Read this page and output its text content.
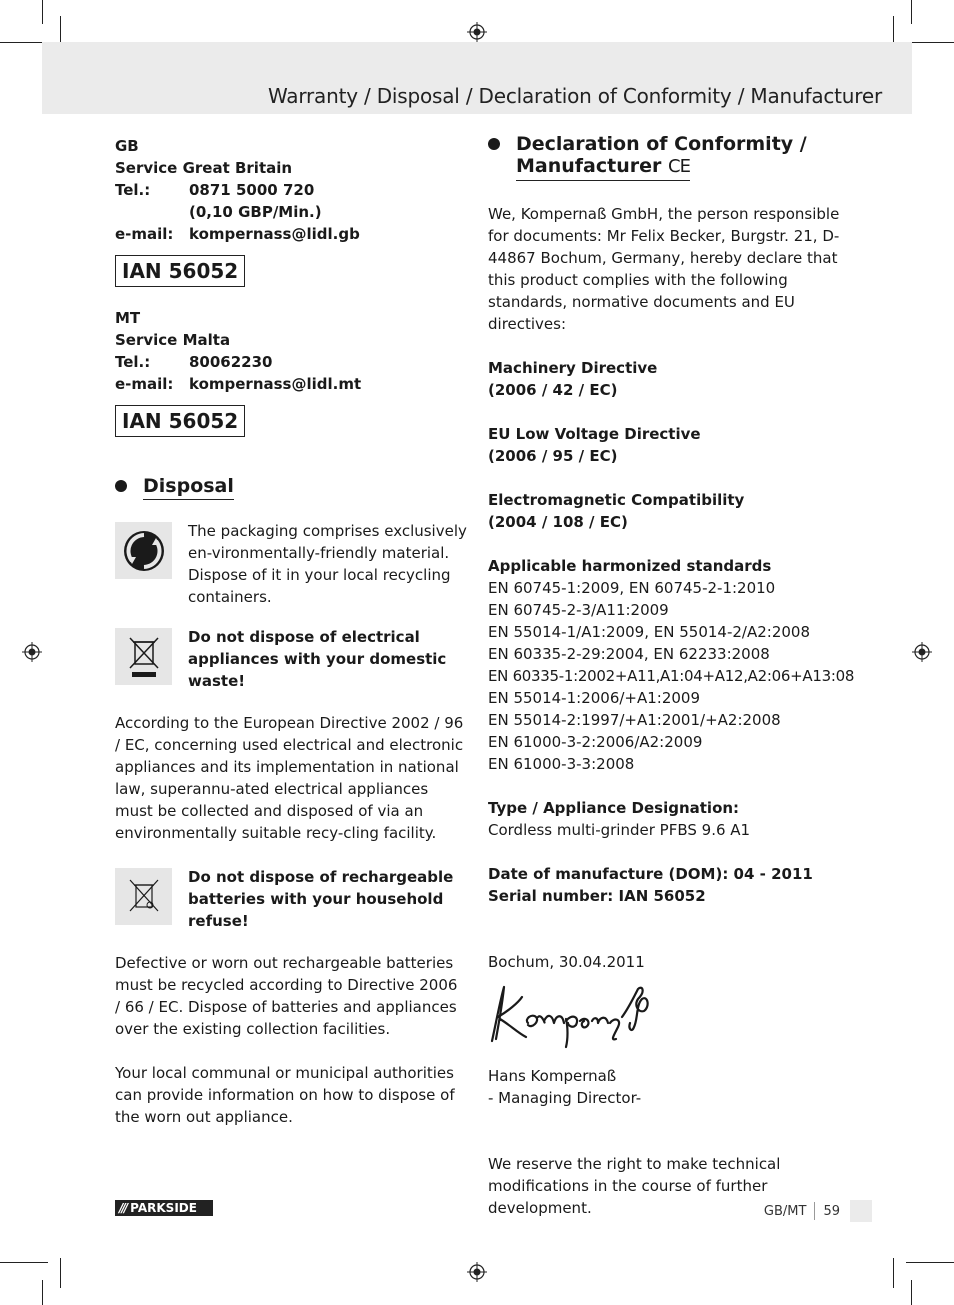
Warranty / Disposal / Declaration of Conformity / Manufacturer
GB
Service Great Britain
Tel.:	0871 5000 720
(0,10 GBP/Min.)
e-mail:	kompernass@lidl.gb
IAN 56052
MT
Service Malta
Tel.:	80062230
e-mail:	kompernass@lidl.mt
IAN 56052
Disposal

The packaging comprises exclusively en-vironmentally-friendly material. Dispose of it in your local recycling containers.

Do not dispose of electrical appliances with your domestic waste!

According to the European Directive 2002 / 96 / EC, concerning used electrical and electronic appliances and its implementation in national law, superannu-ated electrical appliances must be collected and disposed of via an environmentally suitable recy-cling facility.

Do not dispose of rechargeable batteries with your household refuse!

Defective or worn out rechargeable batteries must be recycled according to Directive 2006 / 66 / EC. Dispose of batteries and appliances over the existing collection facilities.

Your local communal or municipal authorities can provide information on how to dispose of the worn out appliance.

Declaration of Conformity /
Manufacturer CE

We, Kompernaß GmbH, the person responsible for documents: Mr Felix Becker, Burgstr. 21, D-44867 Bochum, Germany, hereby declare that this product complies with the following standards, normative documents and EU directives:

Machinery Directive
(2006 / 42 / EC)
EU Low Voltage Directive
(2006 / 95 / EC)
Electromagnetic Compatibility
(2004 / 108 / EC)
Applicable harmonized standards
EN 60745-1:2009, EN 60745-2-1:2010
EN 60745-2-3/A11:2009
EN 55014-1/A1:2009, EN 55014-2/A2:2008
EN 60335-2-29:2004, EN 62233:2008
EN 60335-1:2002+A11,A1:04+A12,A2:06+A13:08
EN 55014-1:2006/+A1:2009
EN 55014-2:1997/+A1:2001/+A2:2008
EN 61000-3-2:2006/A2:2009
EN 61000-3-3:2008
Type / Appliance Designation:
Cordless multi-grinder PFBS 9.6 A1
Date of manufacture (DOM): 04 - 2011
Serial number: IAN 56052
Bochum, 30.04.2011
Hans Kompernaß
- Managing Director-

We reserve the right to make technical modifications in the course of further development.

/// PARKSIDE	GB/MT 59
